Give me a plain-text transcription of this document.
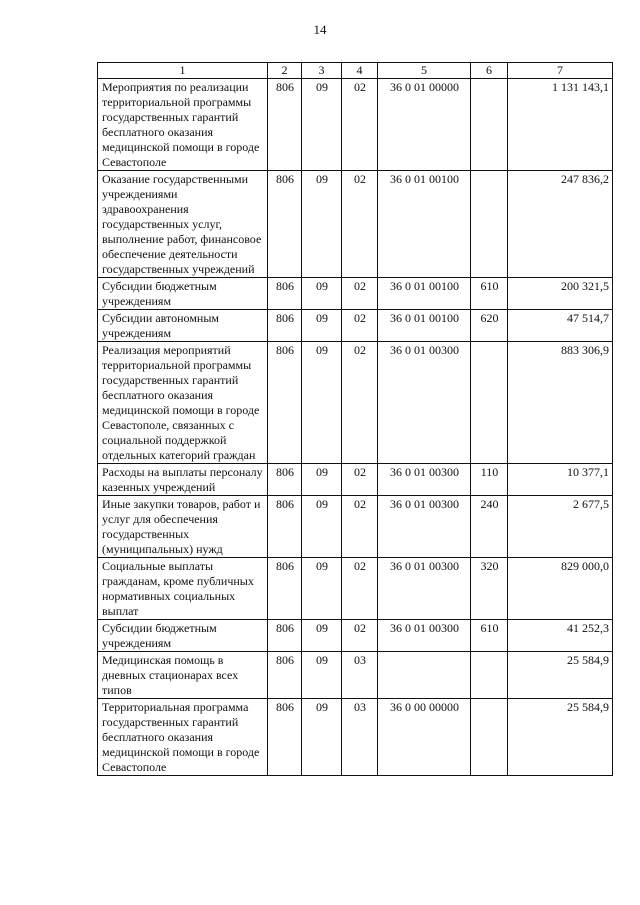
14
1	2	3	4	5	6	7
Мероприятия по реализации территориальной программы государственных гарантий бесплатного оказания медицинской помощи в городе Севастополе	806	09	02	36 0 01 00000		1 131 143,1
Оказание государственными учреждениями здравоохранения государственных услуг, выполнение работ, финансовое обеспечение деятельности государственных учреждений	806	09	02	36 0 01 00100		247 836,2
Субсидии бюджетным учреждениям	806	09	02	36 0 01 00100	610	200 321,5
Субсидии автономным учреждениям	806	09	02	36 0 01 00100	620	47 514,7
Реализация мероприятий территориальной программы государственных гарантий бесплатного оказания медицинской помощи в городе Севастополе, связанных с социальной поддержкой отдельных категорий граждан	806	09	02	36 0 01 00300		883 306,9
Расходы на выплаты персоналу казенных учреждений	806	09	02	36 0 01 00300	110	10 377,1
Иные закупки товаров, работ и услуг для обеспечения государственных (муниципальных) нужд	806	09	02	36 0 01 00300	240	2 677,5
Социальные выплаты гражданам, кроме публичных нормативных социальных выплат	806	09	02	36 0 01 00300	320	829 000,0
Субсидии бюджетным учреждениям	806	09	02	36 0 01 00300	610	41 252,3
Медицинская помощь в дневных стационарах всех типов	806	09	03			25 584,9
Территориальная программа государственных гарантий бесплатного оказания медицинской помощи в городе Севастополе	806	09	03	36 0 00 00000		25 584,9
